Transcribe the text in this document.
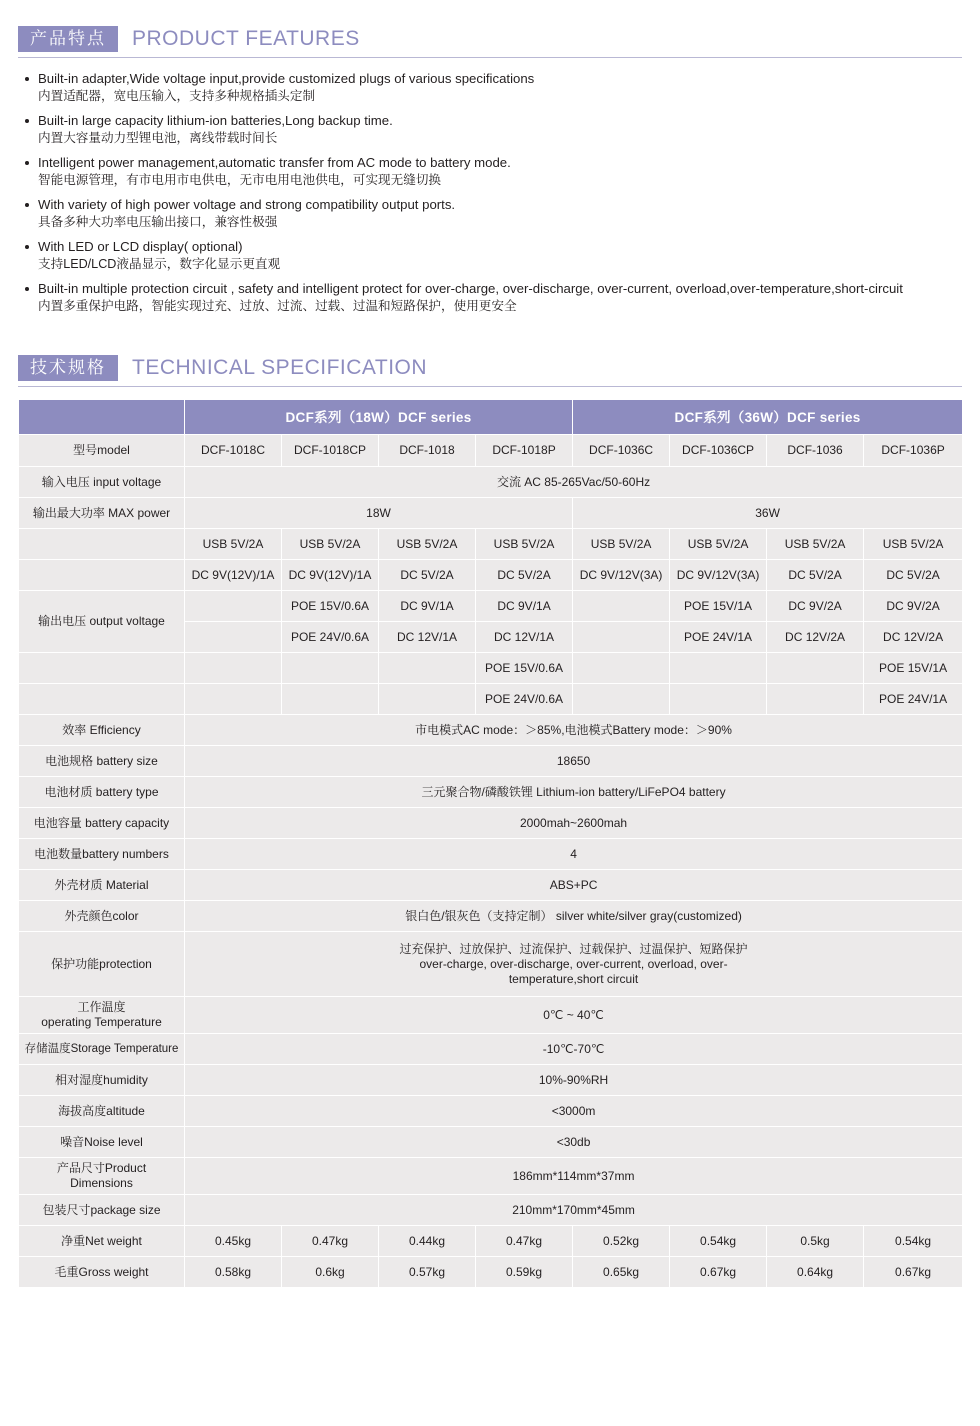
产品特点	PRODUCT FEATURES
Built-in adapter,Wide voltage input,provide customized plugs of various specifications
内置适配器，宽电压输入，支持多种规格插头定制
Built-in large capacity lithium-ion batteries,Long backup time.
内置大容量动力型锂电池，离线带载时间长
Intelligent power management,automatic transfer from AC mode to battery mode.
智能电源管理，有市电用市电供电，无市电用电池供电，可实现无缝切换
With variety of high power voltage and strong compatibility output ports.
具备多种大功率电压输出接口，兼容性极强
With LED or LCD display( optional)
支持LED/LCD液晶显示，数字化显示更直观
Built-in multiple protection circuit , safety and intelligent protect for over-charge, over-discharge, over-current, overload,over-temperature,short-circuit
内置多重保护电路，智能实现过充、过放、过流、过载、过温和短路保护，使用更安全
技术规格	TECHNICAL SPECIFICATION
	DCF系列（18W）DCF series				DCF系列（36W）DCF series			
型号model	DCF-1018C	DCF-1018CP	DCF-1018	DCF-1018P	DCF-1036C	DCF-1036CP	DCF-1036	DCF-1036P
输入电压 input voltage	交流 AC 85-265Vac/50-60Hz							
输出最大功率 MAX power	18W				36W			
	USB 5V/2A	USB 5V/2A	USB 5V/2A	USB 5V/2A	USB 5V/2A	USB 5V/2A	USB 5V/2A	USB 5V/2A
	DC 9V(12V)/1A	DC 9V(12V)/1A	DC 5V/2A	DC 5V/2A	DC 9V/12V(3A)	DC 9V/12V(3A)	DC 5V/2A	DC 5V/2A
输出电压 output voltage		POE 15V/0.6A	DC 9V/1A	DC 9V/1A		POE 15V/1A	DC 9V/2A	DC 9V/2A
		POE 24V/0.6A	DC 12V/1A	DC 12V/1A		POE 24V/1A	DC 12V/2A	DC 12V/2A
				POE 15V/0.6A				POE 15V/1A
				POE 24V/0.6A				POE 24V/1A
效率 Efficiency	市电模式AC mode：＞85%,电池模式Battery mode：＞90%							
电池规格 battery size	18650							
电池材质 battery type	三元聚合物/磷酸铁锂 Lithium-ion battery/LiFePO4 battery							
电池容量 battery capacity	2000mah~2600mah							
电池数量battery numbers	4							
外壳材质 Material	ABS+PC							
外壳颜色color	银白色/银灰色（支持定制） silver white/silver gray(customized)							
保护功能protection	过充保护、过放保护、过流保护、过载保护、过温保护、短路保护
over-charge, over-discharge, over-current, overload, over-
temperature,short circuit							

工作温度
operating Temperature	0℃ ~ 40℃							
存储温度Storage Temperature	-10℃-70℃							
相对湿度humidity	10%-90%RH							
海拔高度altitude	<3000m							
噪音Noise level	<30db							

产品尺寸Product
Dimensions	186mm*114mm*37mm							
包装尺寸package size	210mm*170mm*45mm							
净重Net weight	0.45kg	0.47kg	0.44kg	0.47kg	0.52kg	0.54kg	0.5kg	0.54kg
毛重Gross weight	0.58kg	0.6kg	0.57kg	0.59kg	0.65kg	0.67kg	0.64kg	0.67kg
